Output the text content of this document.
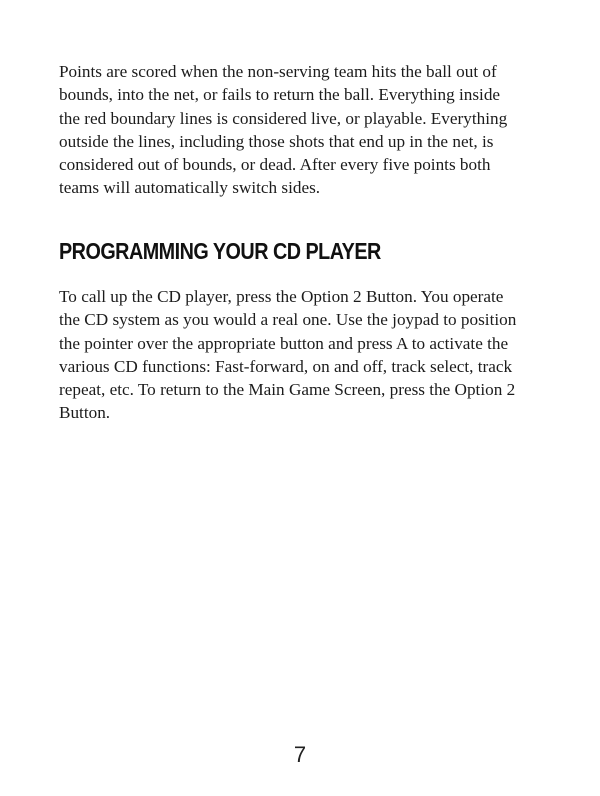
Points are scored when the non-serving team hits the ball out of
bounds, into the net, or fails to return the ball. Everything inside
the red boundary lines is considered live, or playable. Everything
outside the lines, including those shots that end up in the net, is
considered out of bounds, or dead. After every five points both
teams will automatically switch sides.

PROGRAMMING YOUR CD PLAYER

To call up the CD player, press the Option 2 Button. You operate
the CD system as you would a real one. Use the joypad to position
the pointer over the appropriate button and press A to activate the
various CD functions: Fast-forward, on and off, track select, track
repeat, etc. To return to the Main Game Screen, press the Option 2
Button.

7
